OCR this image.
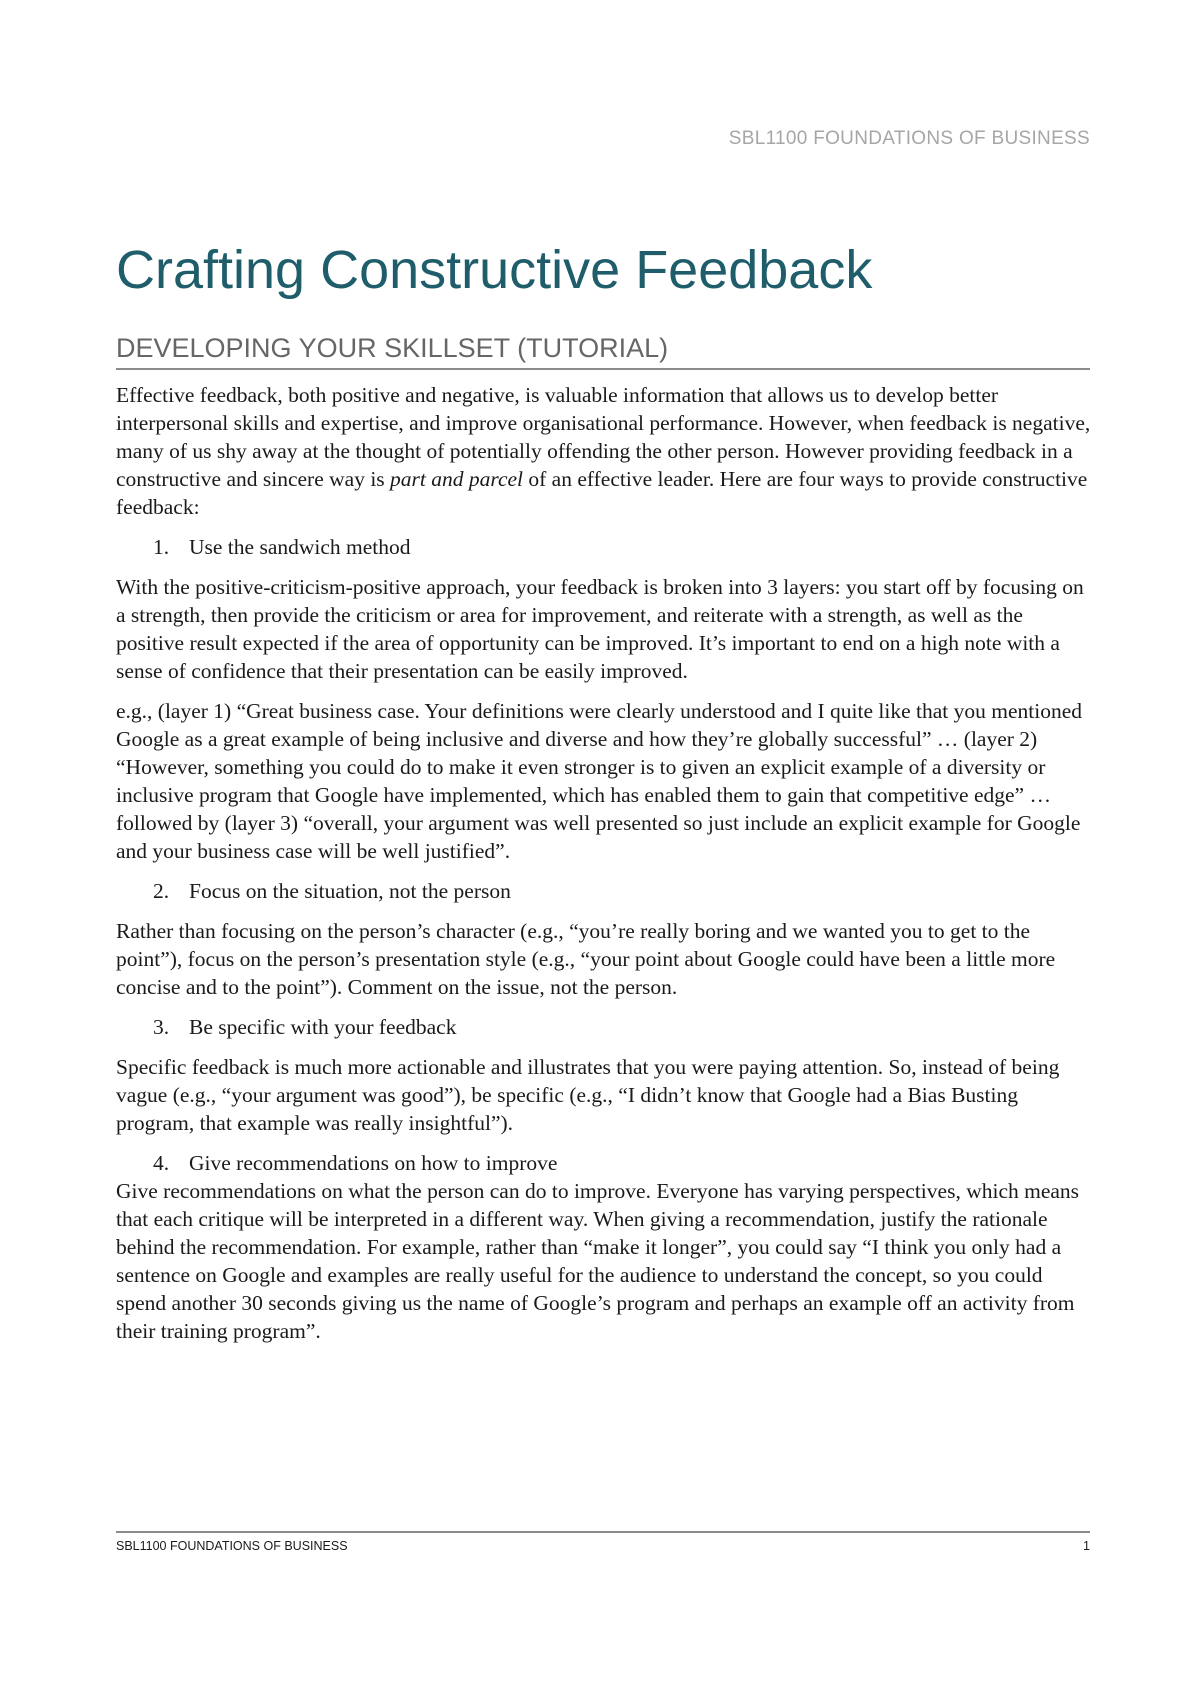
SBL1100 FOUNDATIONS OF BUSINESS
Crafting Constructive Feedback
DEVELOPING YOUR SKILLSET (TUTORIAL)

Effective feedback, both positive and negative, is valuable information that allows us to develop better interpersonal skills and expertise, and improve organisational performance. However, when feedback is negative, many of us shy away at the thought of potentially offending the other person. However providing feedback in a constructive and sincere way is part and parcel of an effective leader. Here are four ways to provide constructive feedback:

1. Use the sandwich method

With the positive-criticism-positive approach, your feedback is broken into 3 layers: you start off by focusing on a strength, then provide the criticism or area for improvement, and reiterate with a strength, as well as the positive result expected if the area of opportunity can be improved. It’s important to end on a high note with a sense of confidence that their presentation can be easily improved.

e.g., (layer 1) “Great business case. Your definitions were clearly understood and I quite like that you mentioned Google as a great example of being inclusive and diverse and how they’re globally successful” … (layer 2) “However, something you could do to make it even stronger is to given an explicit example of a diversity or inclusive program that Google have implemented, which has enabled them to gain that competitive edge” … followed by (layer 3) “overall, your argument was well presented so just include an explicit example for Google and your business case will be well justified”.

2. Focus on the situation, not the person

Rather than focusing on the person’s character (e.g., “you’re really boring and we wanted you to get to the point”), focus on the person’s presentation style (e.g., “your point about Google could have been a little more concise and to the point”). Comment on the issue, not the person.

3. Be specific with your feedback

Specific feedback is much more actionable and illustrates that you were paying attention. So, instead of being vague (e.g., “your argument was good”), be specific (e.g., “I didn’t know that Google had a Bias Busting program, that example was really insightful”).

4. Give recommendations on how to improve

Give recommendations on what the person can do to improve. Everyone has varying perspectives, which means that each critique will be interpreted in a different way. When giving a recommendation, justify the rationale behind the recommendation. For example, rather than “make it longer”, you could say “I think you only had a sentence on Google and examples are really useful for the audience to understand the concept, so you could spend another 30 seconds giving us the name of Google’s program and perhaps an example off an activity from their training program”.

SBL1100 FOUNDATIONS OF BUSINESS	1
